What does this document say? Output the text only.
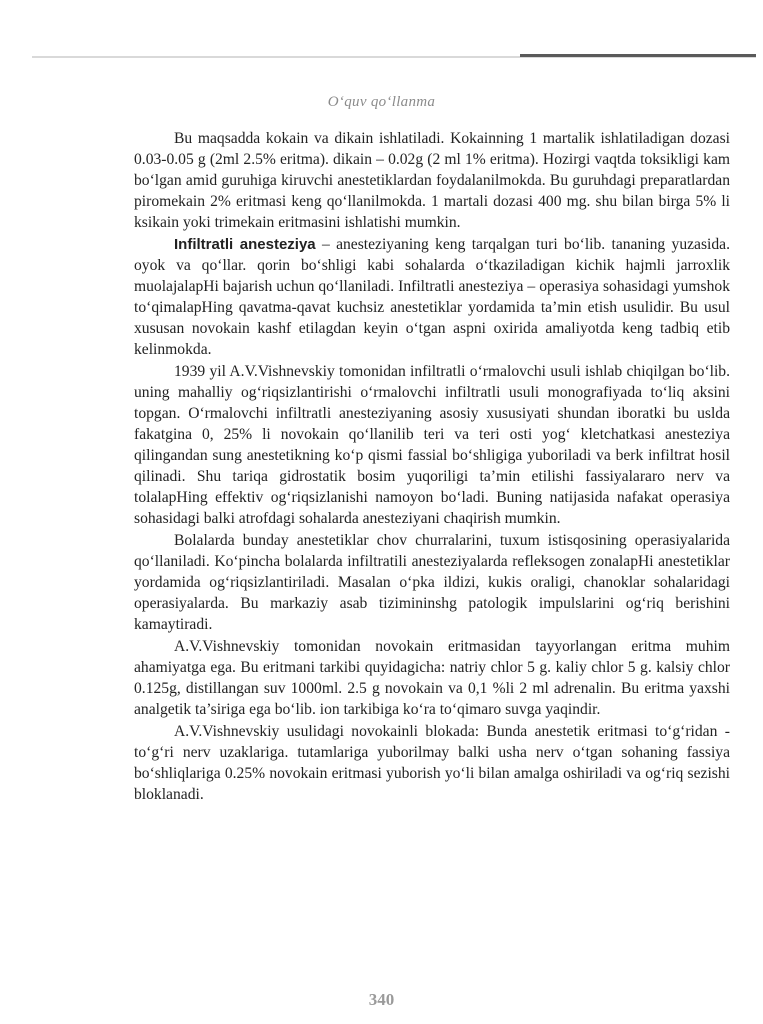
O‘quv qo‘llanma

Bu maqsadda kokain va dikain ishlatiladi. Kokainning 1 martalik ishlatiladigan dozasi 0.03-0.05 g (2ml 2.5% eritma). dikain – 0.02g (2 ml 1% eritma). Hozirgi vaqtda toksikligi kam bo‘lgan amid guruhiga kiruvchi anestetiklardan foydalanilmokda. Bu guruhdagi preparatlardan piromekain 2% eritmasi keng qo‘llanilmokda. 1 martali dozasi 400 mg. shu bilan birga 5% li ksikain yoki trimekain eritmasini ishlatishi mumkin.

Infiltratli anesteziya – anesteziyaning keng tarqalgan turi bo‘lib. tananing yuzasida. oyok va qo‘llar. qorin bo‘shligi kabi sohalarda o‘tkaziladigan kichik hajmli jarroxlik muolajalapHi bajarish uchun qo‘llaniladi. Infiltratli anesteziya – operasiya sohasidagi yumshok to‘qimalapHing qavatma-qavat kuchsiz anestetiklar yordamida ta’min etish usulidir. Bu usul xususan novokain kashf etilagdan keyin o‘tgan aspni oxirida amaliyotda keng tadbiq etib kelinmokda.

1939 yil A.V.Vishnevskiy tomonidan infiltratli o‘rmalovchi usuli ishlab chiqilgan bo‘lib. uning mahalliy og‘riqsizlantirishi o‘rmalovchi infiltratli usuli monografiyada to‘liq aksini topgan. O‘rmalovchi infiltratli anesteziyaning asosiy xususiyati shundan iboratki bu uslda fakatgina 0, 25% li novokain qo‘llanilib teri va teri osti yog‘ kletchatkasi anesteziya qilingandan sung anestetikning ko‘p qismi fassial bo‘shligiga yuboriladi va berk infiltrat hosil qilinadi. Shu tariqa gidrostatik bosim yuqoriligi ta’min etilishi fassiyalararo nerv va tolalapHing effektiv og‘riqsizlanishi namoyon bo‘ladi. Buning natijasida nafakat operasiya sohasidagi balki atrofdagi sohalarda anesteziyani chaqirish mumkin.

Bolalarda bunday anestetiklar chov churralarini, tuxum istisqosining operasiyalarida qo‘llaniladi. Ko‘pincha bolalarda infiltratili anesteziyalarda refleksogen zonalapHi anestetiklar yordamida og‘riqsizlantiriladi. Masalan o‘pka ildizi, kukis oraligi, chanoklar sohalaridagi operasiyalarda. Bu markaziy asab tizimininshg patologik impulslarini og‘riq berishini kamaytiradi.

A.V.Vishnevskiy tomonidan novokain eritmasidan tayyorlangan eritma muhim ahamiyatga ega. Bu eritmani tarkibi quyidagicha: natriy chlor 5 g. kaliy chlor 5 g. kalsiy chlor 0.125g, distillangan suv 1000ml. 2.5 g novokain va 0,1 %li 2 ml adrenalin. Bu eritma yaxshi analgetik ta’siriga ega bo‘lib. ion tarkibiga ko‘ra to‘qimaro suvga yaqindir.

A.V.Vishnevskiy usulidagi novokainli blokada: Bunda anestetik eritmasi to‘g‘ridan - to‘g‘ri nerv uzaklariga. tutamlariga yuborilmay balki usha nerv o‘tgan sohaning fassiya bo‘shliqlariga 0.25% novokain eritmasi yuborish yo‘li bilan amalga oshiriladi va og‘riq sezishi bloklanadi.

340
